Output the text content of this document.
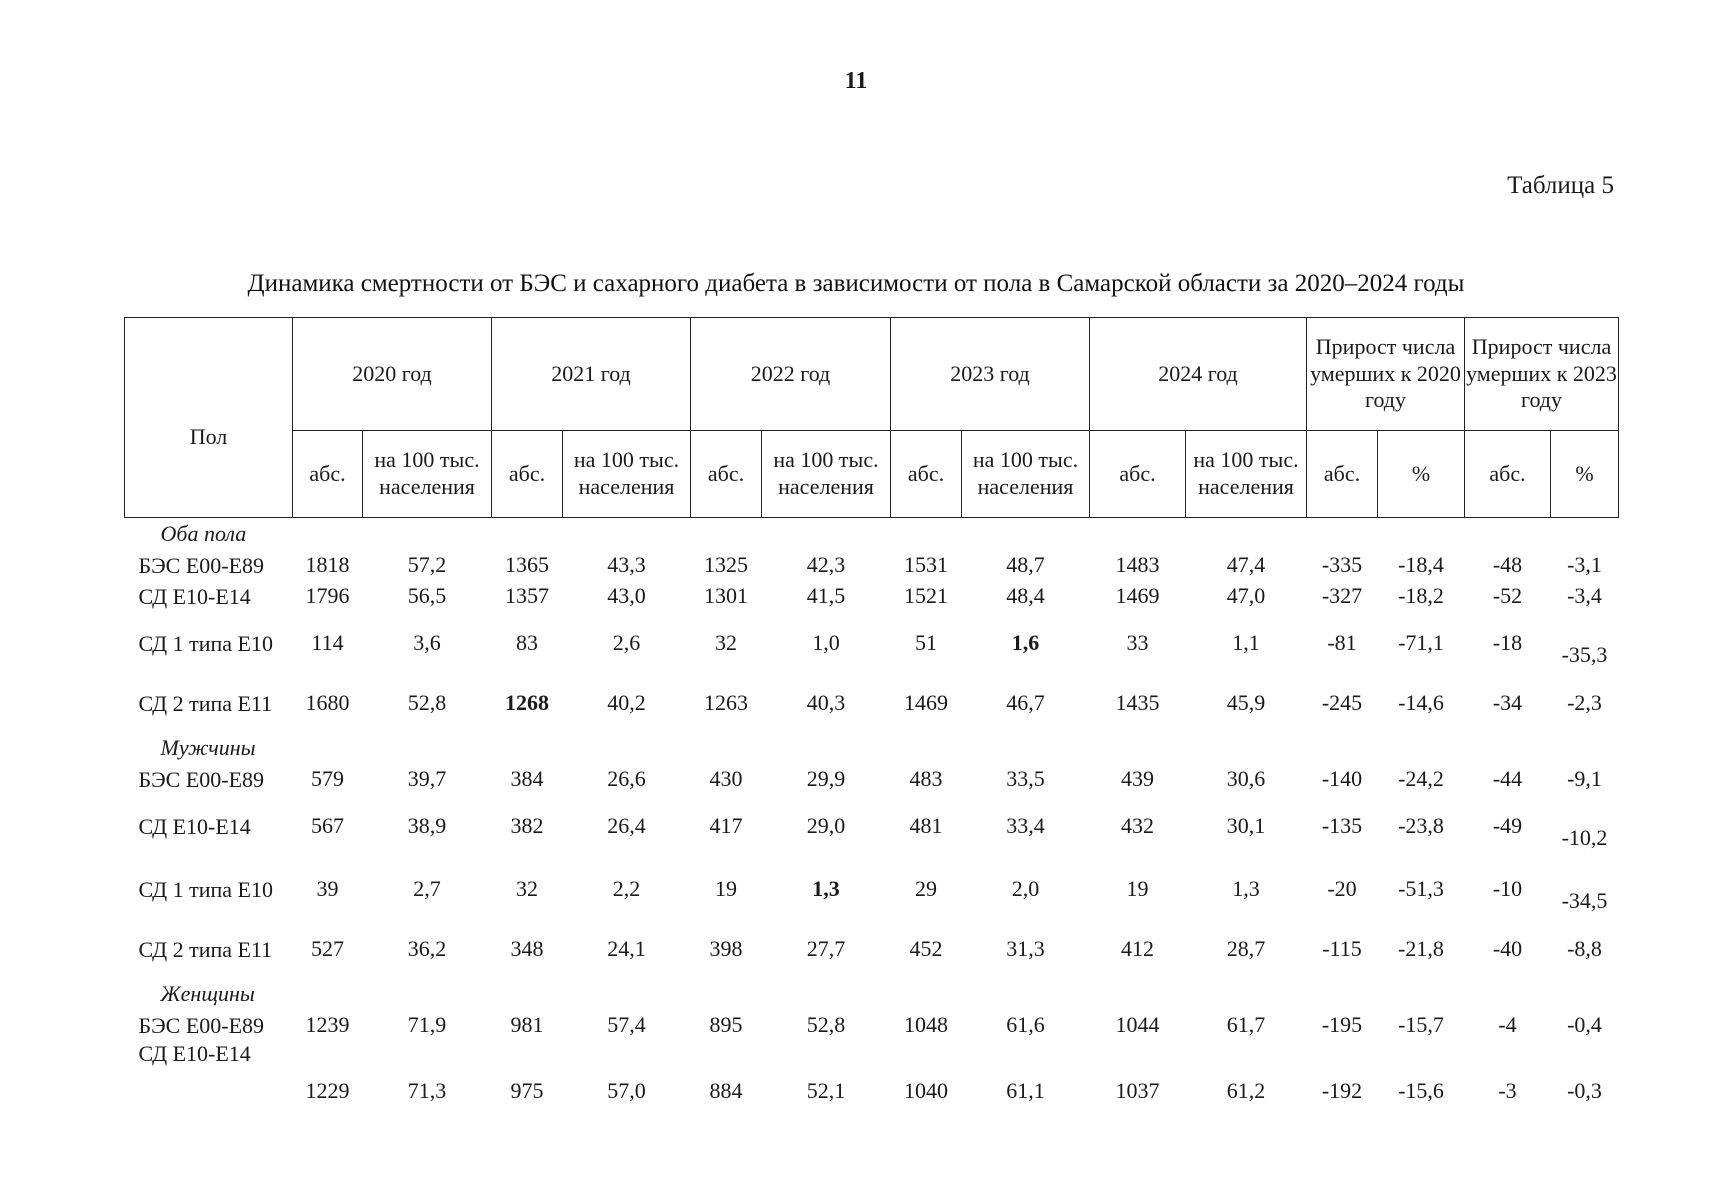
11
Таблица 5
Динамика смертности от БЭС и сахарного диабета в зависимости от пола в Самарской области за 2020–2024 годы
Пол	2020 год		2021 год		2022 год		2023 год		2024 год		Прирост числа умерших к 2020 году		Прирост числа умерших к 2023 году	
	абс.	на 100 тыс. населения	абс.	на 100 тыс. населения	абс.	на 100 тыс. населения	абс.	на 100 тыс. населения	абс.	на 100 тыс. населения	абс.	%	абс.	%
Оба пола														
БЭС Е00-Е89	1818	57,2	1365	43,3	1325	42,3	1531	48,7	1483	47,4	-335	-18,4	-48	-3,1
СД Е10-Е14	1796	56,5	1357	43,0	1301	41,5	1521	48,4	1469	47,0	-327	-18,2	-52	-3,4
СД 1 типа Е10	114	3,6	83	2,6	32	1,0	51	1,6	33	1,1	-81	-71,1	-18	-35,3
СД 2 типа Е11	1680	52,8	1268	40,2	1263	40,3	1469	46,7	1435	45,9	-245	-14,6	-34	-2,3
Мужчины														
БЭС Е00-Е89	579	39,7	384	26,6	430	29,9	483	33,5	439	30,6	-140	-24,2	-44	-9,1
СД Е10-Е14	567	38,9	382	26,4	417	29,0	481	33,4	432	30,1	-135	-23,8	-49	-10,2
СД 1 типа Е10	39	2,7	32	2,2	19	1,3	29	2,0	19	1,3	-20	-51,3	-10	-34,5
СД 2 типа Е11	527	36,2	348	24,1	398	27,7	452	31,3	412	28,7	-115	-21,8	-40	-8,8
Женщины														
БЭС Е00-Е89	1239	71,9	981	57,4	895	52,8	1048	61,6	1044	61,7	-195	-15,7	-4	-0,4
СД Е10-Е14	1229	71,3	975	57,0	884	52,1	1040	61,1	1037	61,2	-192	-15,6	-3	-0,3
